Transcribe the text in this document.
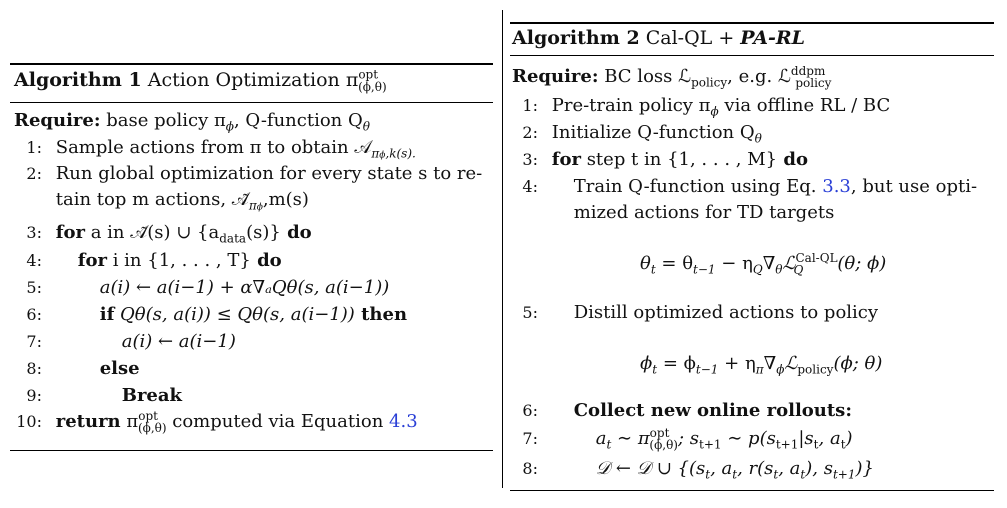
Algorithm 1 Action Optimization $\pi^{opt}_{(\phi,\theta)}$
Require: base policy $\pi_\phi$, Q-function $Q_\theta$
1: Sample actions from π to obtain 𝒜$_{\pi\phi,k(s).}$
2: Run global optimization for every state s to re-
tain top m actions, $𝒜̃_{\pi\phi},m(s)$
3: for a in 𝒜̃(s) ∪ $\{a_{data}(s)\}$ do
4: for i in {1, . . . , T} do
5:	a(i) ← a(i−1) + α∇ₐQθ(s, a(i−1))
6:	if Qθ(s, a(i)) ≤ Qθ(s, a(i−1)) then
7:	a(i) ← a(i−1)
8:	else
9:	Break
10: return $\pi^{opt}_{(\phi,\theta)}$ computed via Equation 4.3
Algorithm 2 Cal-QL + PA-RL
Require: BC loss ℒ$_{policy}$, e.g. ℒ$^{ddpm}_{policy}$
1: Pre-train policy $\pi_\phi$ via offline RL / BC
2: Initialize Q-function $Q_\theta$
3: for step t in {1, . . . , M} do
4: Train Q-function using Eq. 3.3, but use opti-
mized actions for TD targets
$\theta_t = \theta_{t-1}$ − $\eta_Q\nabla_\theta ℒ^{Cal-QL}_Q$ (θ; ϕ)
5: Distill optimized actions to policy
$\phi_t = \phi_{t-1}$ + $\eta_\pi\nabla_\phi ℒ_{policy}(\phi$; θ)
6: Collect new online rollouts:
7:	$a_t$ ∼ $\pi^{opt}_{(\phi,\theta)}$; $s_{t+1}$ ∼ $p(s_{t+1}|s_t$, $a_t$)
8:	𝒟 ← 𝒟 ∪ {($s_t$, $a_t$, $r(s_t$, $a_t$), $s_{t+1}$)}
